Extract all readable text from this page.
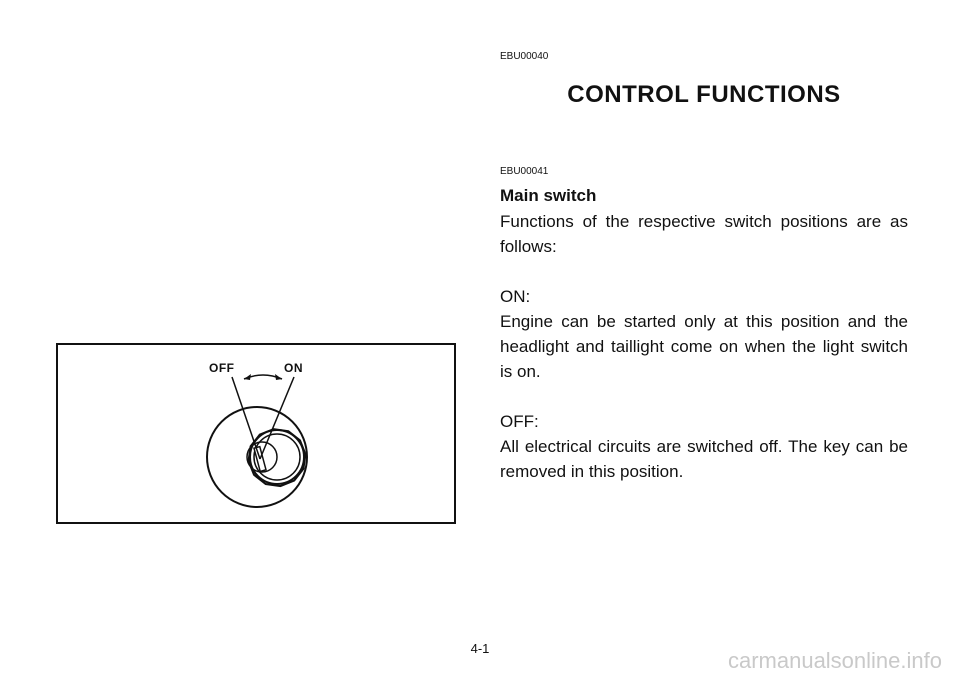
OFF	ON

EBU00040

CONTROL FUNCTIONS

EBU00041

Main switch

Functions of the respective switch positions are as follows:

ON:

Engine can be started only at this position and the headlight and taillight come on when the light switch is on.

OFF:

All electrical circuits are switched off. The key can be removed in this position.

4-1	carmanualsonline.info
